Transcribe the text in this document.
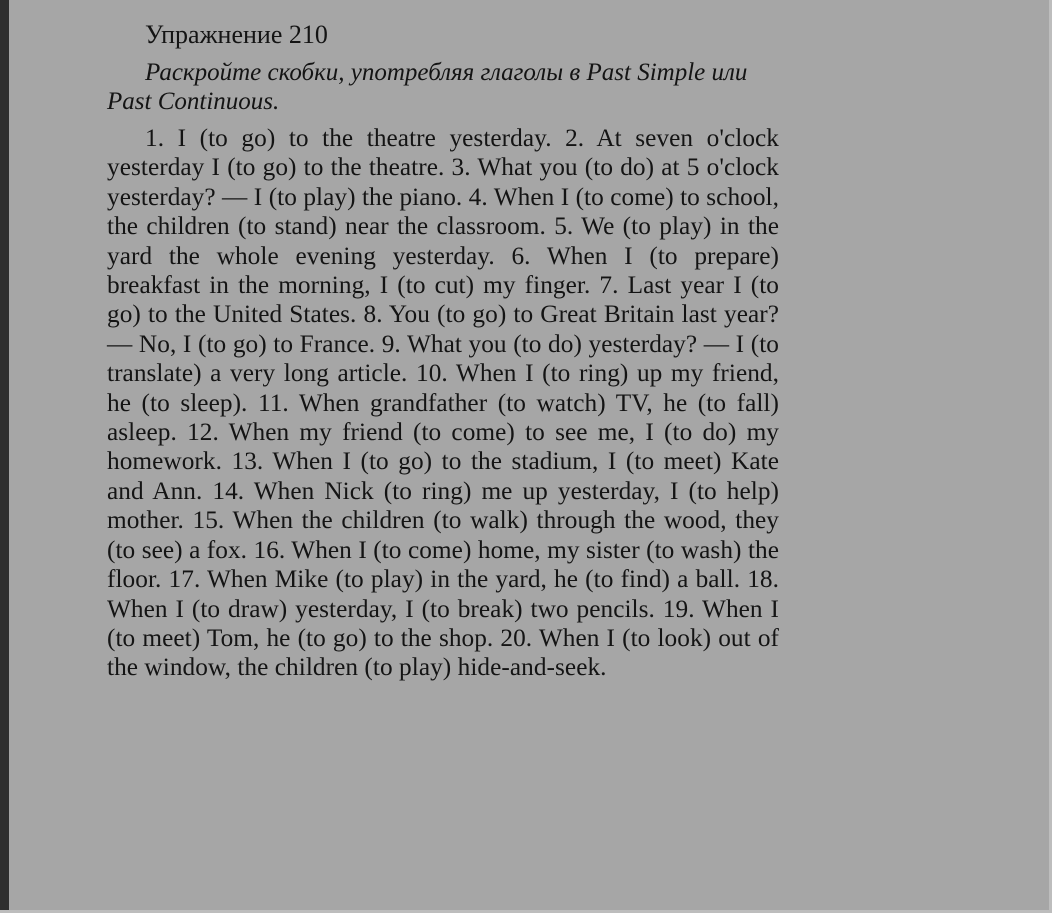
Упражнение 210

Раскройте скобки, употребляя глаголы в Past Simple или Past Continuous.

1. I (to go) to the theatre yesterday. 2. At seven o'clock yesterday I (to go) to the theatre. 3. What you (to do) at 5 o'clock yesterday? — I (to play) the piano. 4. When I (to come) to school, the children (to stand) near the classroom. 5. We (to play) in the yard the whole evening yesterday. 6. When I (to prepare) breakfast in the morning, I (to cut) my finger. 7. Last year I (to go) to the United States. 8. You (to go) to Great Britain last year? — No, I (to go) to France. 9. What you (to do) yesterday? — I (to translate) a very long article. 10. When I (to ring) up my friend, he (to sleep). 11. When grandfather (to watch) TV, he (to fall) asleep. 12. When my friend (to come) to see me, I (to do) my homework. 13. When I (to go) to the stadium, I (to meet) Kate and Ann. 14. When Nick (to ring) me up yesterday, I (to help) mother. 15. When the children (to walk) through the wood, they (to see) a fox. 16. When I (to come) home, my sister (to wash) the floor. 17. When Mike (to play) in the yard, he (to find) a ball. 18. When I (to draw) yesterday, I (to break) two pencils. 19. When I (to meet) Tom, he (to go) to the shop. 20. When I (to look) out of the window, the children (to play) hide-and-seek.
